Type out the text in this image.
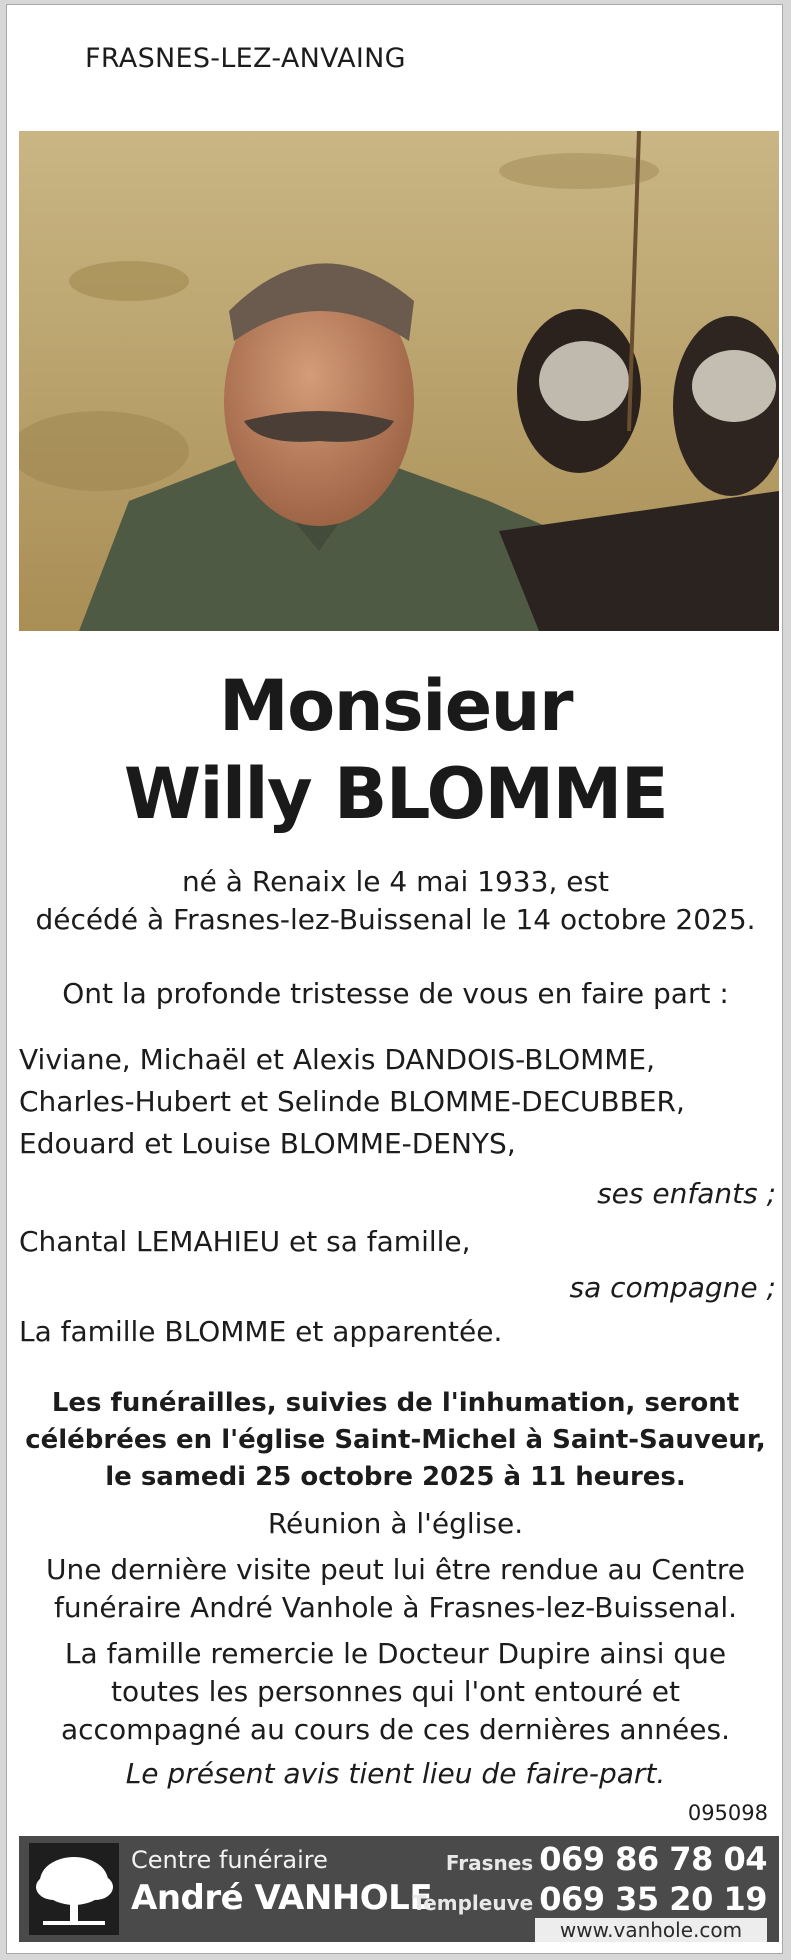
FRASNES-LEZ-ANVAING
Monsieur
Willy BLOMME
né à Renaix le 4 mai 1933, est
décédé à Frasnes-lez-Buissenal le 14 octobre 2025.
Ont la profonde tristesse de vous en faire part :
Viviane, Michaël et Alexis DANDOIS-BLOMME,
Charles-Hubert et Selinde BLOMME-DECUBBER,
Edouard et Louise BLOMME-DENYS,
ses enfants ;
Chantal LEMAHIEU et sa famille,
sa compagne ;
La famille BLOMME et apparentée.
Les funérailles, suivies de l'inhumation, seront
célébrées en l'église Saint-Michel à Saint-Sauveur,
le samedi 25 octobre 2025 à 11 heures.
Réunion à l'église.
Une dernière visite peut lui être rendue au Centre
funéraire André Vanhole à Frasnes-lez-Buissenal.
La famille remercie le Docteur Dupire ainsi que
toutes les personnes qui l'ont entouré et
accompagné au cours de ces dernières années.
Le présent avis tient lieu de faire-part.
095098
Centre funéraire
André VANHOLE
Frasnes 069 86 78 04
Templeuve 069 35 20 19
www.vanhole.com
